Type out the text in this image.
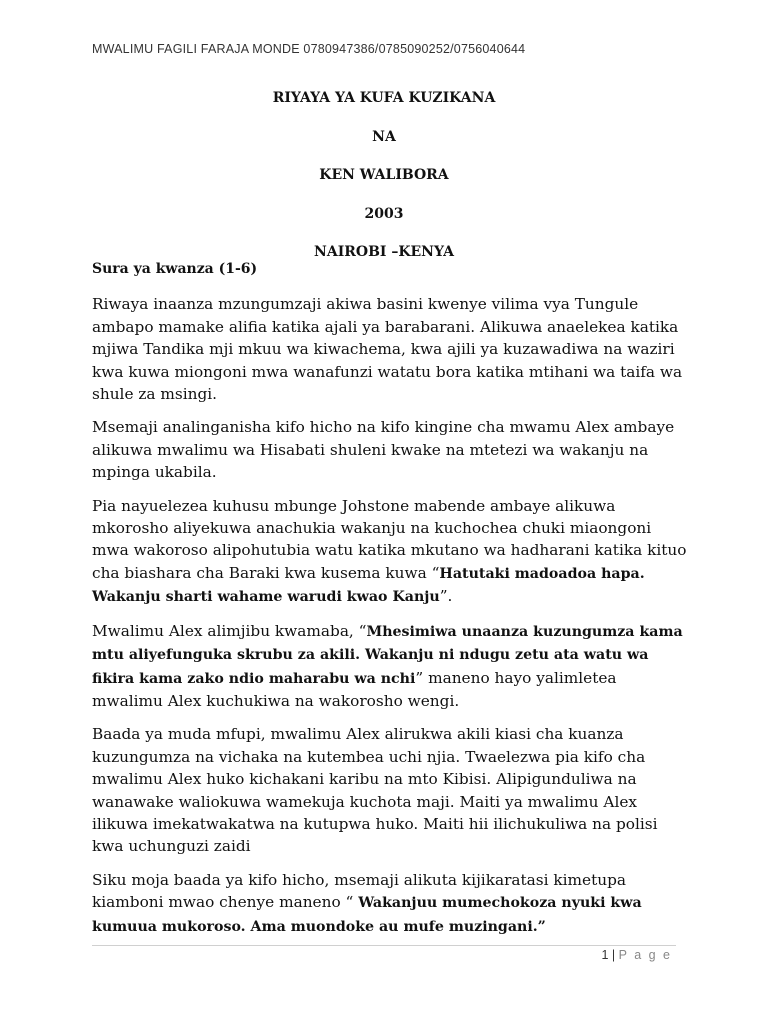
MWALIMU FAGILI FARAJA MONDE 0780947386/0785090252/0756040644
RIYAYA YA KUFA KUZIKANA
NA
KEN WALIBORA
2003
NAIROBI –KENYA
Sura ya kwanza (1-6)

Riwaya inaanza mzungumzaji akiwa basini kwenye vilima vya Tungule ambapo mamake alifia katika ajali ya barabarani. Alikuwa anaelekea katika mjiwa Tandika mji mkuu wa kiwachema, kwa ajili ya kuzawadiwa na waziri kwa kuwa miongoni mwa wanafunzi watatu bora katika mtihani wa taifa wa shule za msingi.

Msemaji analinganisha kifo hicho na kifo kingine cha mwamu Alex ambaye alikuwa mwalimu wa Hisabati shuleni kwake na mtetezi wa wakanju na mpinga ukabila.

Pia nayuelezea kuhusu mbunge Johstone mabende ambaye alikuwa mkorosho aliyekuwa anachukia wakanju na kuchochea chuki miaongoni mwa wakoroso alipohutubia watu katika mkutano wa hadharani katika kituo cha biashara cha Baraki kwa kusema kuwa “Hatutaki madoadoa hapa. Wakanju sharti wahame warudi kwao Kanju”.

Mwalimu Alex alimjibu kwamaba, “Mhesimiwa unaanza kuzungumza kama mtu aliyefunguka skrubu za akili. Wakanju ni ndugu zetu ata watu wa fikira kama zako ndio maharabu wa nchi” maneno hayo yalimletea mwalimu Alex kuchukiwa na wakorosho wengi.

Baada ya muda mfupi, mwalimu Alex alirukwa akili kiasi cha kuanza kuzungumza na vichaka na kutembea uchi njia. Twaelezwa pia kifo cha mwalimu Alex huko kichakani karibu na mto Kibisi. Alipigunduliwa na wanawake waliokuwa wamekuja kuchota maji. Maiti ya mwalimu Alex ilikuwa imekatwakatwa na kutupwa huko. Maiti hii ilichukuliwa na polisi kwa uchunguzi zaidi

Siku moja baada ya kifo hicho, msemaji alikuta kijikaratasi kimetupa kiamboni mwao chenye maneno “ Wakanjuu mumechokoza nyuki kwa kumuua mukoroso. Ama muondoke au mufe muzingani.”

1 | P a g e
